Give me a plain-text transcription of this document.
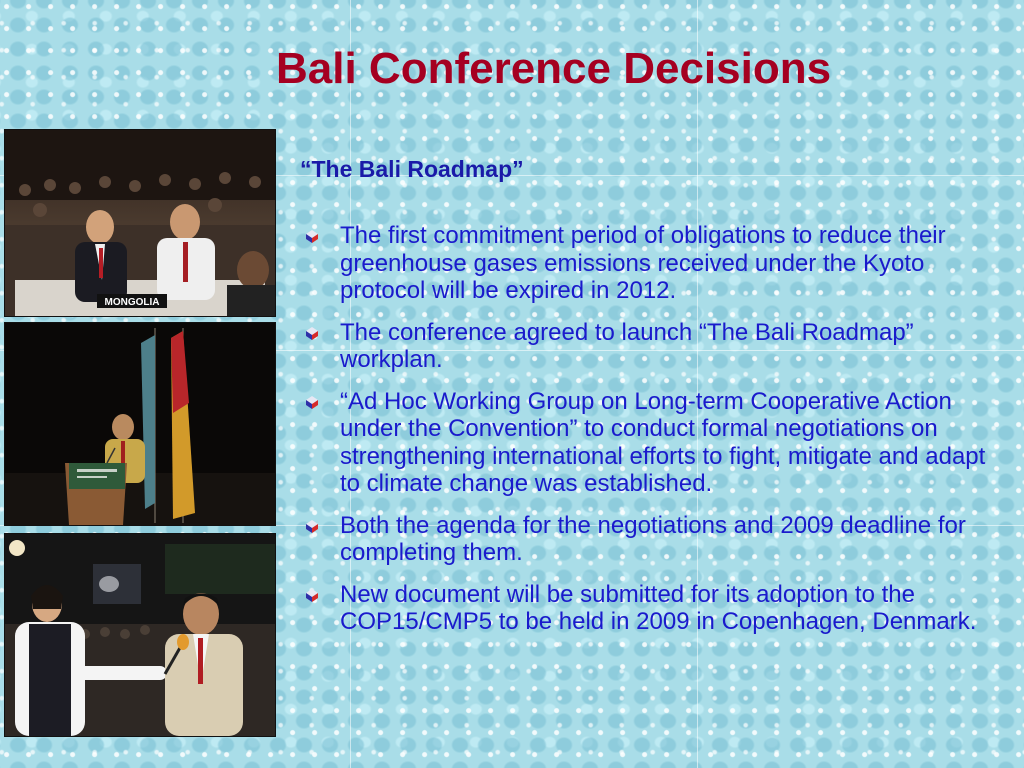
Bali Conference Decisions
MONGOLIA
“The Bali Roadmap”
The first commitment period of obligations to reduce their greenhouse gases emissions received under the Kyoto protocol will be expired in 2012.
The conference agreed to launch “The Bali Roadmap” workplan.
“Ad Hoc Working Group on Long-term Cooperative Action under the Convention” to conduct formal negotiations on strengthening international efforts to fight, mitigate and adapt to climate change was established.
Both the agenda for the negotiations and 2009 deadline for completing them.
New document will be submitted for its adoption to the COP15/CMP5 to be held in 2009 in Copenhagen, Denmark.
